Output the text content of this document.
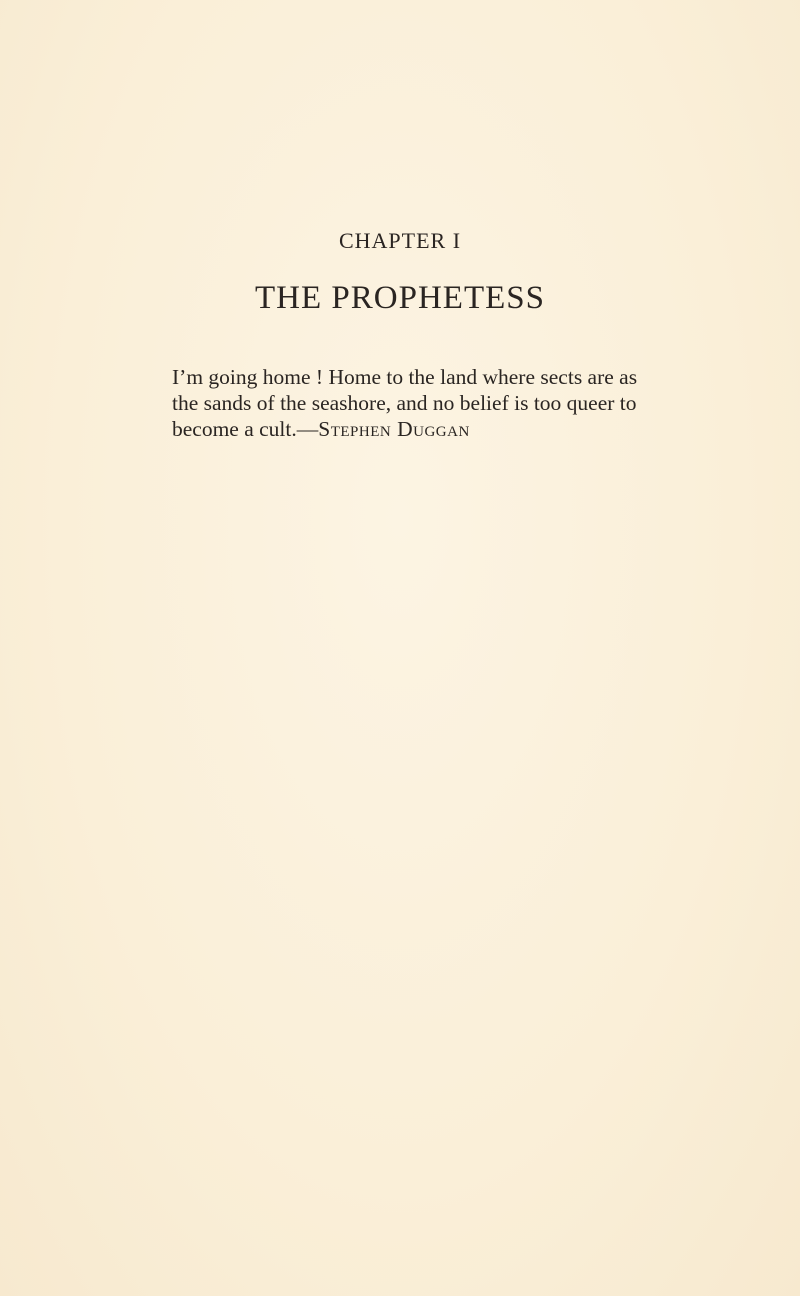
CHAPTER I
THE PROPHETESS
I’m going home ! Home to the land where sects are as
the sands of the seashore, and no belief is too queer to
become a cult.—Stephen Duggan
